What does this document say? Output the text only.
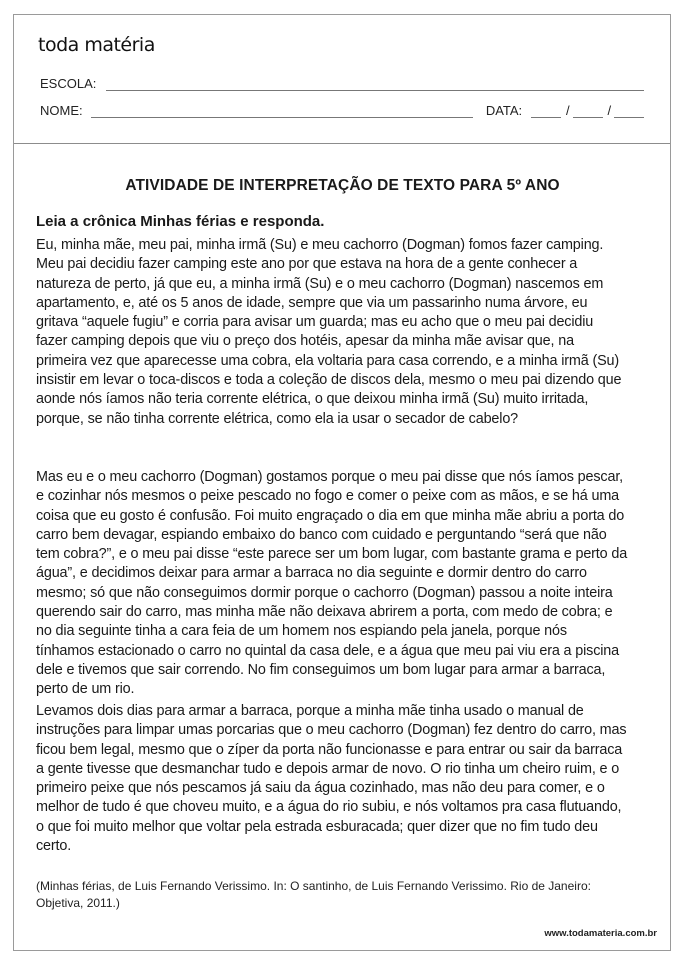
toda matéria
ESCOLA:
NOME:	DATA:	/	/
ATIVIDADE DE INTERPRETAÇÃO DE TEXTO PARA 5º ANO
Leia a crônica Minhas férias e responda.
Eu, minha mãe, meu pai, minha irmã (Su) e meu cachorro (Dogman) fomos fazer camping. Meu pai decidiu fazer camping este ano por que estava na hora de a gente conhecer a natureza de perto, já que eu, a minha irmã (Su) e o meu cachorro (Dogman) nascemos em apartamento, e, até os 5 anos de idade, sempre que via um passarinho numa árvore, eu gritava “aquele fugiu” e corria para avisar um guarda; mas eu acho que o meu pai decidiu fazer camping depois que viu o preço dos hotéis, apesar da minha mãe avisar que, na primeira vez que aparecesse uma cobra, ela voltaria para casa correndo, e a minha irmã (Su) insistir em levar o toca-discos e toda a coleção de discos dela, mesmo o meu pai dizendo que aonde nós íamos não teria corrente elétrica, o que deixou minha irmã (Su) muito irritada, porque, se não tinha corrente elétrica, como ela ia usar o secador de cabelo?
Mas eu e o meu cachorro (Dogman) gostamos porque o meu pai disse que nós íamos pescar, e cozinhar nós mesmos o peixe pescado no fogo e comer o peixe com as mãos, e se há uma coisa que eu gosto é confusão. Foi muito engraçado o dia em que minha mãe abriu a porta do carro bem devagar, espiando embaixo do banco com cuidado e perguntando “será que não tem cobra?”, e o meu pai disse “este parece ser um bom lugar, com bastante grama e perto da água”, e decidimos deixar para armar a barraca no dia seguinte e dormir dentro do carro mesmo; só que não conseguimos dormir porque o cachorro (Dogman) passou a noite inteira querendo sair do carro, mas minha mãe não deixava abrirem a porta, com medo de cobra; e no dia seguinte tinha a cara feia de um homem nos espiando pela janela, porque nós tínhamos estacionado o carro no quintal da casa dele, e a água que meu pai viu era a piscina dele e tivemos que sair correndo. No fim conseguimos um bom lugar para armar a barraca, perto de um rio.
Levamos dois dias para armar a barraca, porque a minha mãe tinha usado o manual de instruções para limpar umas porcarias que o meu cachorro (Dogman) fez dentro do carro, mas ficou bem legal, mesmo que o zíper da porta não funcionasse e para entrar ou sair da barraca a gente tivesse que desmanchar tudo e depois armar de novo. O rio tinha um cheiro ruim, e o primeiro peixe que nós pescamos já saiu da água cozinhado, mas não deu para comer, e o melhor de tudo é que choveu muito, e a água do rio subiu, e nós voltamos pra casa flutuando, o que foi muito melhor que voltar pela estrada esburacada; quer dizer que no fim tudo deu certo.
(Minhas férias, de Luis Fernando Verissimo. In: O santinho, de Luis Fernando Verissimo. Rio de Janeiro: Objetiva, 2011.)
www.todamateria.com.br
